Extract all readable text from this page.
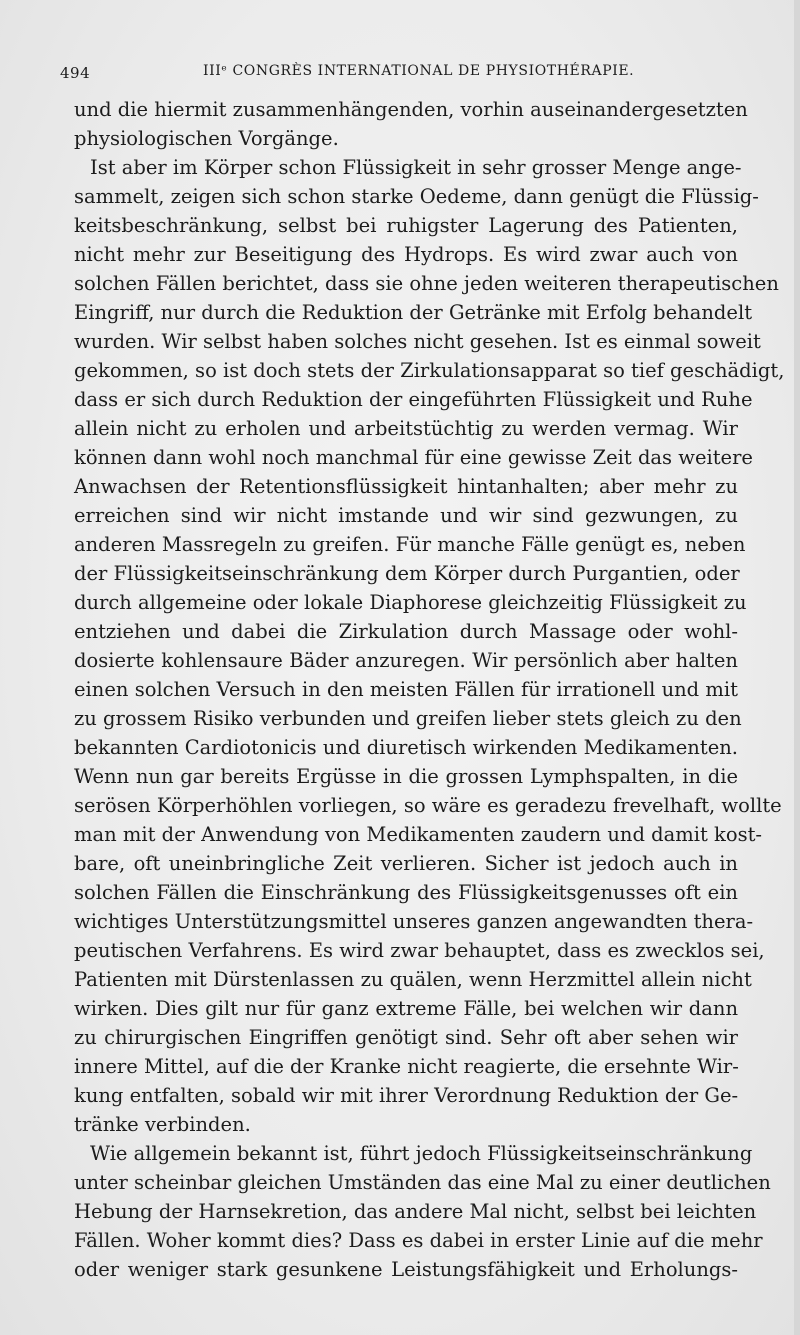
494	IIIᵉ CONGRÈS INTERNATIONAL DE PHYSIOTHÉRAPIE.
und die hiermit zusammenhängenden, vorhin auseinandergesetzten
physiologischen Vorgänge.
Ist aber im Körper schon Flüssigkeit in sehr grosser Menge ange-
sammelt, zeigen sich schon starke Oedeme, dann genügt die Flüssig-
keitsbeschränkung, selbst bei ruhigster Lagerung des Patienten,
nicht mehr zur Beseitigung des Hydrops. Es wird zwar auch von
solchen Fällen berichtet, dass sie ohne jeden weiteren therapeutischen
Eingriff, nur durch die Reduktion der Getränke mit Erfolg behandelt
wurden. Wir selbst haben solches nicht gesehen. Ist es einmal soweit
gekommen, so ist doch stets der Zirkulationsapparat so tief geschädigt,
dass er sich durch Reduktion der eingeführten Flüssigkeit und Ruhe
allein nicht zu erholen und arbeitstüchtig zu werden vermag. Wir
können dann wohl noch manchmal für eine gewisse Zeit das weitere
Anwachsen der Retentionsflüssigkeit hintanhalten; aber mehr zu
erreichen sind wir nicht imstande und wir sind gezwungen, zu
anderen Massregeln zu greifen. Für manche Fälle genügt es, neben
der Flüssigkeitseinschränkung dem Körper durch Purgantien, oder
durch allgemeine oder lokale Diaphorese gleichzeitig Flüssigkeit zu
entziehen und dabei die Zirkulation durch Massage oder wohl-
dosierte kohlensaure Bäder anzuregen. Wir persönlich aber halten
einen solchen Versuch in den meisten Fällen für irrationell und mit
zu grossem Risiko verbunden und greifen lieber stets gleich zu den
bekannten Cardiotonicis und diuretisch wirkenden Medikamenten.
Wenn nun gar bereits Ergüsse in die grossen Lymphspalten, in die
serösen Körperhöhlen vorliegen, so wäre es geradezu frevelhaft, wollte
man mit der Anwendung von Medikamenten zaudern und damit kost-
bare, oft uneinbringliche Zeit verlieren. Sicher ist jedoch auch in
solchen Fällen die Einschränkung des Flüssigkeitsgenusses oft ein
wichtiges Unterstützungsmittel unseres ganzen angewandten thera-
peutischen Verfahrens. Es wird zwar behauptet, dass es zwecklos sei,
Patienten mit Dürstenlassen zu quälen, wenn Herzmittel allein nicht
wirken. Dies gilt nur für ganz extreme Fälle, bei welchen wir dann
zu chirurgischen Eingriffen genötigt sind. Sehr oft aber sehen wir
innere Mittel, auf die der Kranke nicht reagierte, die ersehnte Wir-
kung entfalten, sobald wir mit ihrer Verordnung Reduktion der Ge-
tränke verbinden.
Wie allgemein bekannt ist, führt jedoch Flüssigkeitseinschränkung
unter scheinbar gleichen Umständen das eine Mal zu einer deutlichen
Hebung der Harnsekretion, das andere Mal nicht, selbst bei leichten
Fällen. Woher kommt dies? Dass es dabei in erster Linie auf die mehr
oder weniger stark gesunkene Leistungsfähigkeit und Erholungs-
